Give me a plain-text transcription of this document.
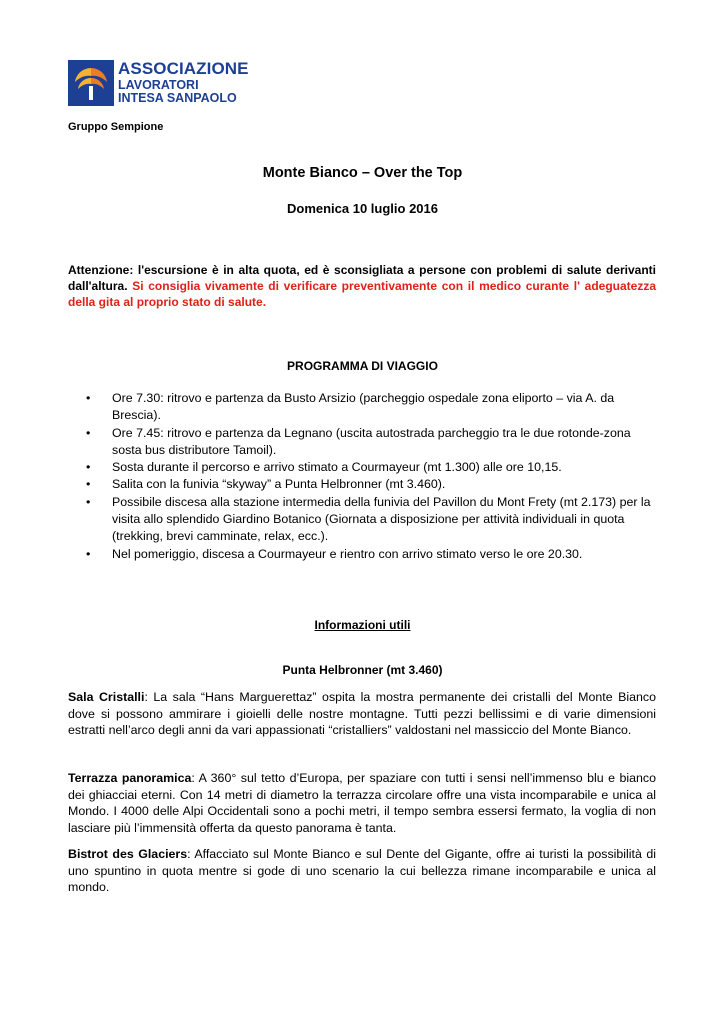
ASSOCIAZIONE
LAVORATORI
INTESA SANPAOLO
Gruppo Sempione
Monte Bianco – Over the Top
Domenica 10 luglio 2016
Attenzione: l'escursione è in alta quota, ed è sconsigliata a persone con problemi di salute derivanti dall'altura. Si consiglia vivamente di verificare preventivamente con il medico curante l' adeguatezza della gita al proprio stato di salute.
PROGRAMMA DI VIAGGIO
• Ore 7.30: ritrovo e partenza da Busto Arsizio (parcheggio ospedale zona eliporto – via A. da Brescia).
• Ore 7.45: ritrovo e partenza da Legnano (uscita autostrada parcheggio tra le due rotonde-zona sosta bus distributore Tamoil).
• Sosta durante il percorso e arrivo stimato a Courmayeur (mt 1.300) alle ore 10,15.
• Salita con la funivia “skyway” a Punta Helbronner (mt 3.460).
• Possibile discesa alla stazione intermedia della funivia del Pavillon du Mont Frety (mt 2.173) per la visita allo splendido Giardino Botanico (Giornata a disposizione per attività individuali in quota (trekking, brevi camminate, relax, ecc.).
• Nel pomeriggio, discesa a Courmayeur e rientro con arrivo stimato verso le ore 20.30.
Informazioni utili
Punta Helbronner (mt 3.460)
Sala Cristalli: La sala “Hans Marguerettaz” ospita la mostra permanente dei cristalli del Monte Bianco dove si possono ammirare i gioielli delle nostre montagne. Tutti pezzi bellissimi e di varie dimensioni estratti nell’arco degli anni da vari appassionati “cristalliers” valdostani nel massiccio del Monte Bianco.
Terrazza panoramica: A 360° sul tetto d’Europa, per spaziare con tutti i sensi nell’immenso blu e bianco dei ghiacciai eterni. Con 14 metri di diametro la terrazza circolare offre una vista incomparabile e unica al Mondo. I 4000 delle Alpi Occidentali sono a pochi metri, il tempo sembra essersi fermato, la voglia di non lasciare più l’immensità offerta da questo panorama è tanta.
Bistrot des Glaciers: Affacciato sul Monte Bianco e sul Dente del Gigante, offre ai turisti la possibilità di uno spuntino in quota mentre si gode di uno scenario la cui bellezza rimane incomparabile e unica al mondo.
